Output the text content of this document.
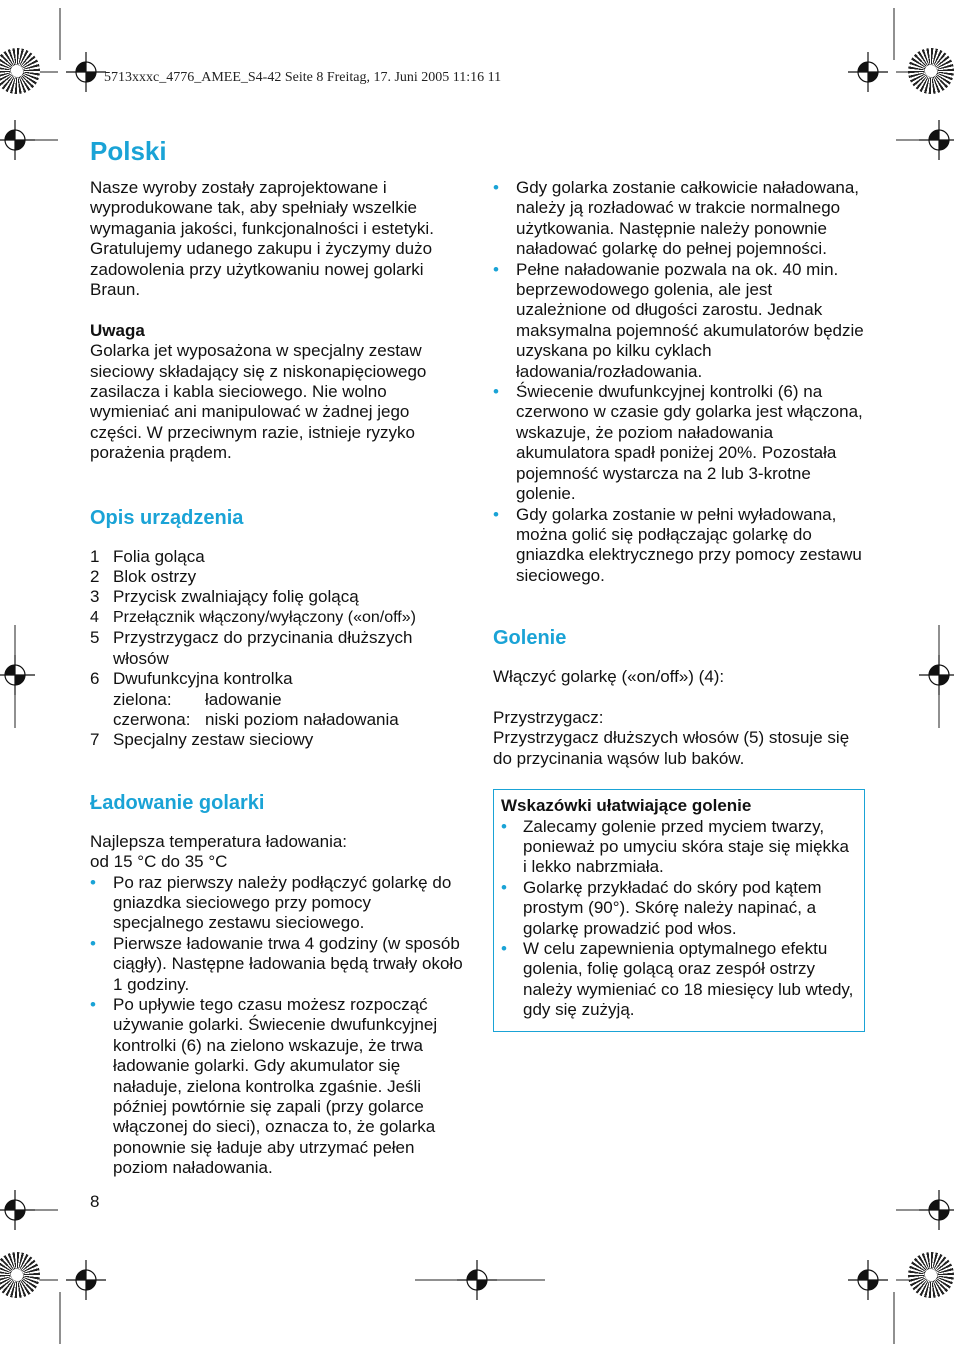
5713xxxc_4776_AMEE_S4-42 Seite 8 Freitag, 17. Juni 2005 11:16 11
Polski

Nasze wyroby zostały zaprojektowane i wyprodukowane tak, aby spełniały wszelkie wymagania jakości, funkcjonalności i estetyki. Gratulujemy udanego zakupu i życzymy dużo zadowolenia przy użytkowaniu nowej golarki Braun.

Uwaga

Golarka jet wyposażona w specjalny zestaw sieciowy składający się z niskonapięciowego zasilacza i kabla sieciowego. Nie wolno wymieniać ani manipulować w żadnej jego części. W przeciwnym razie, istnieje ryzyko porażenia prądem.

Opis urządzenia
1 Folia goląca
2 Blok ostrzy
3 Przycisk zwalniający folię golącą
4 Przełącznik włączony/wyłączony («on/off»)
5 Przystrzygacz do przycinania dłuższych włosów
6 Dwufunkcyjna kontrolka
zielona:	ładowanie
czerwona: niski poziom naładowania
7 Specjalny zestaw sieciowy
Ładowanie golarki

Najlepsza temperatura ładowania:

od 15 °C do 35 °C

• Po raz pierwszy należy podłączyć golarkę do gniazdka sieciowego przy pomocy specjalnego zestawu sieciowego.
• Pierwsze ładowanie trwa 4 godziny (w sposób ciągły). Następne ładowania będą trwały około 1 godziny.
• Po upływie tego czasu możesz rozpocząć używanie golarki. Świecenie dwufunkcyjnej kontrolki (6) na zielono wskazuje, że trwa ładowanie golarki. Gdy akumulator się naładuje, zielona kontrolka zgaśnie. Jeśli później powtórnie się zapali (przy golarce włączonej do sieci), oznacza to, że golarka ponownie się ładuje aby utrzymać pełen poziom naładowania.
• Gdy golarka zostanie całkowicie naładowana, należy ją rozładować w trakcie normalnego użytkowania. Następnie należy ponownie naładować golarkę do pełnej pojemności.
• Pełne naładowanie pozwala na ok. 40 min. beprzewodowego golenia, ale jest uzależnione od długości zarostu. Jednak maksymalna pojemność akumulatorów będzie uzyskana po kilku cyklach ładowania/rozładowania.
• Świecenie dwufunkcyjnej kontrolki (6) na czerwono w czasie gdy golarka jest włączona, wskazuje, że poziom naładowania akumulatora spadł poniżej 20%. Pozostała pojemność wystarcza na 2 lub 3-krotne golenie.
• Gdy golarka zostanie w pełni wyładowana, można golić się podłączając golarkę do gniazdka elektrycznego przy pomocy zestawu sieciowego.
Golenie

Włączyć golarkę («on/off») (4):

Przystrzygacz:

Przystrzygacz dłuższych włosów (5) stosuje się do przycinania wąsów lub baków.

Wskazówki ułatwiające golenie

• Zalecamy golenie przed myciem twarzy, ponieważ po umyciu skóra staje się miękka i lekko nabrzmiała.
• Golarkę przykładać do skóry pod kątem prostym (90°). Skórę należy napinać, a golarkę prowadzić pod włos.
• W celu zapewnienia optymalnego efektu golenia, folię golącą oraz zespół ostrzy należy wymieniać co 18 miesięcy lub wtedy, gdy się zużyją.
8
